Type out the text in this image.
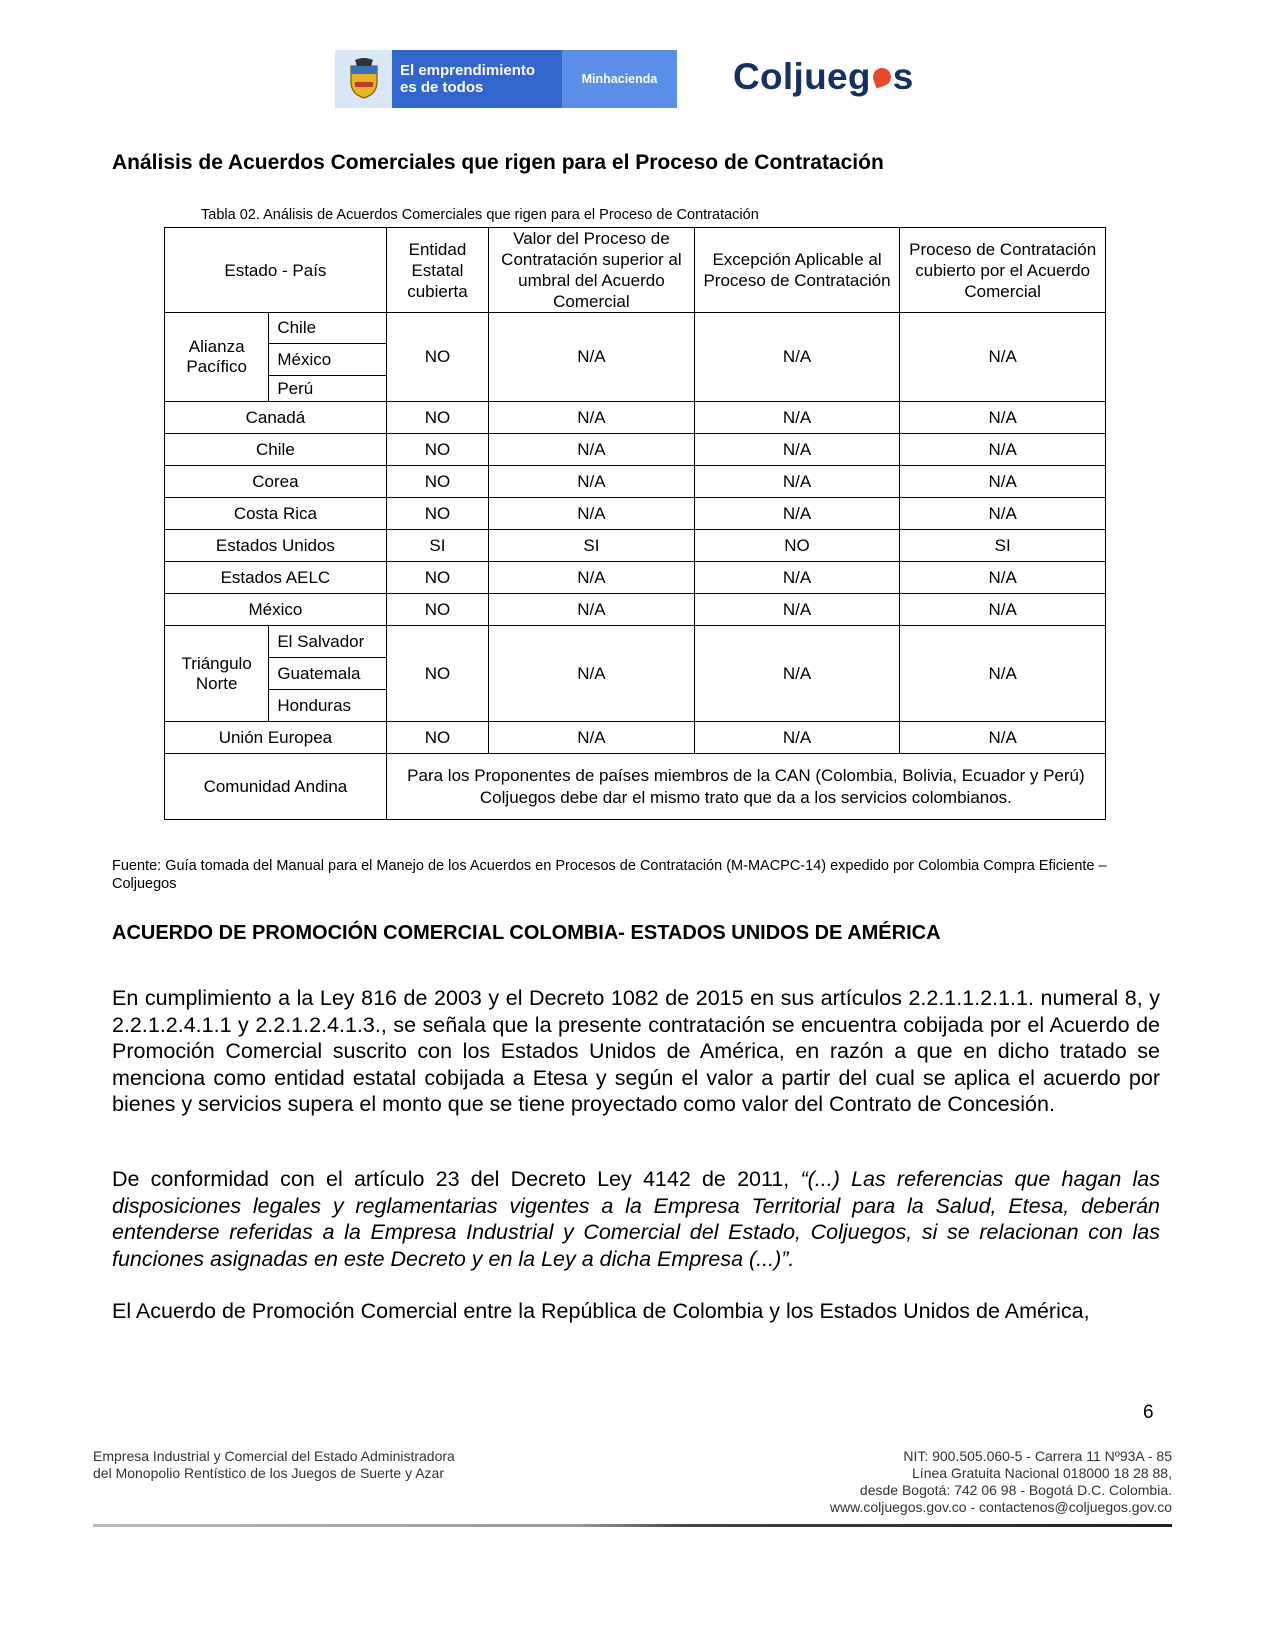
El emprendimiento
es de todos	Minhacienda	Coljueg s
Análisis de Acuerdos Comerciales que rigen para el Proceso de Contratación
Tabla 02. Análisis de Acuerdos Comerciales que rigen para el Proceso de Contratación
Estado - País		Entidad Estatal cubierta	Valor del Proceso de Contratación superior al umbral del Acuerdo Comercial	Excepción Aplicable al Proceso de Contratación	Proceso de Contratación cubierto por el Acuerdo Comercial
Alianza Pacífico	Chile	NO	N/A	N/A	N/A
	México				
	Perú				
Canadá		NO	N/A	N/A	N/A
Chile		NO	N/A	N/A	N/A
Corea		NO	N/A	N/A	N/A
Costa Rica		NO	N/A	N/A	N/A
Estados Unidos		SI	SI	NO	SI
Estados AELC		NO	N/A	N/A	N/A
México		NO	N/A	N/A	N/A
Triángulo Norte	El Salvador	NO	N/A	N/A	N/A
	Guatemala				
	Honduras				
Unión Europea		NO	N/A	N/A	N/A
Comunidad Andina		Para los Proponentes de países miembros de la CAN (Colombia, Bolivia, Ecuador y Perú) Coljuegos debe dar el mismo trato que da a los servicios colombianos.			
Fuente: Guía tomada del Manual para el Manejo de los Acuerdos en Procesos de Contratación (M-MACPC-14) expedido por Colombia Compra Eficiente – Coljuegos
ACUERDO DE PROMOCIÓN COMERCIAL COLOMBIA- ESTADOS UNIDOS DE AMÉRICA

En cumplimiento a la Ley 816 de 2003 y el Decreto 1082 de 2015 en sus artículos 2.2.1.1.2.1.1. numeral 8, y 2.2.1.2.4.1.1 y 2.2.1.2.4.1.3., se señala que la presente contratación se encuentra cobijada por el Acuerdo de Promoción Comercial suscrito con los Estados Unidos de América, en razón a que en dicho tratado se menciona como entidad estatal cobijada a Etesa y según el valor a partir del cual se aplica el acuerdo por bienes y servicios supera el monto que se tiene proyectado como valor del Contrato de Concesión.

De conformidad con el artículo 23 del Decreto Ley 4142 de 2011, “(...) Las referencias que hagan las disposiciones legales y reglamentarias vigentes a la Empresa Territorial para la Salud, Etesa, deberán entenderse referidas a la Empresa Industrial y Comercial del Estado, Coljuegos, si se relacionan con las funciones asignadas en este Decreto y en la Ley a dicha Empresa (...)”.

El Acuerdo de Promoción Comercial entre la República de Colombia y los Estados Unidos de América,

6
Empresa Industrial y Comercial del Estado Administradora
del Monopolio Rentístico de los Juegos de Suerte y Azar
NIT: 900.505.060-5 - Carrera 11 Nº93A - 85
Línea Gratuita Nacional 018000 18 28 88,
desde Bogotá: 742 06 98 - Bogotá D.C. Colombia.
www.coljuegos.gov.co - contactenos@coljuegos.gov.co
